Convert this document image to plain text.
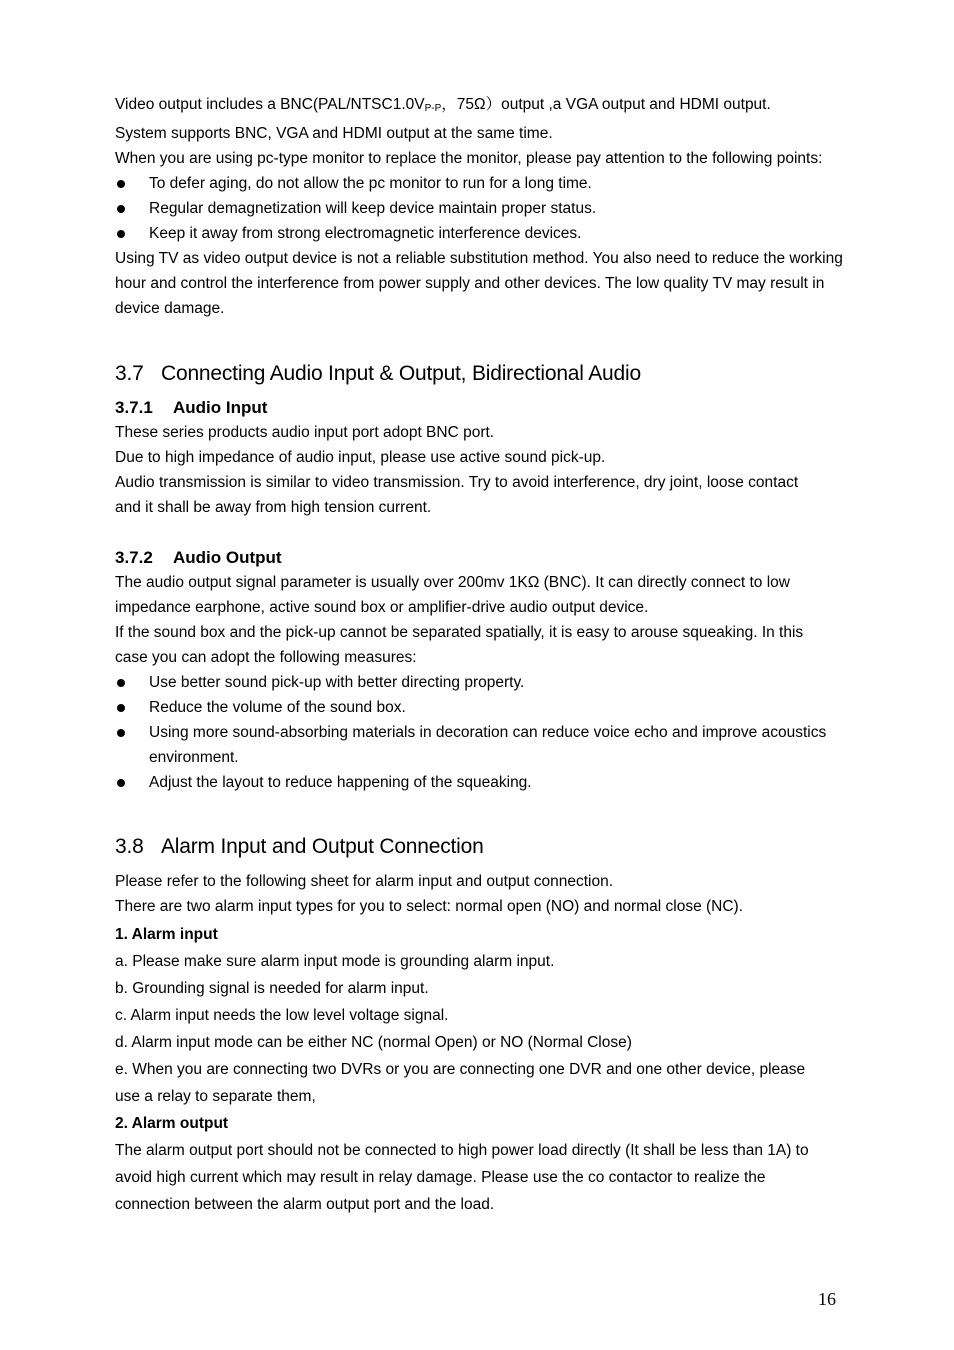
Video output includes a $BNC(PAL/NTSC1.0V_{P-P}$，75Ω）output ,a VGA output and HDMI output.

System supports BNC, VGA and HDMI output at the same time.

When you are using pc-type monitor to replace the monitor, please pay attention to the following points:

To defer aging, do not allow the pc monitor to run for a long time.
Regular demagnetization will keep device maintain proper status.
Keep it away from strong electromagnetic interference devices.

Using TV as video output device is not a reliable substitution method. You also need to reduce the working hour and control the interference from power supply and other devices. The low quality TV may result in device damage.

3.7 Connecting Audio Input & Output, Bidirectional Audio
3.7.1 Audio Input

These series products audio input port adopt BNC port.

Due to high impedance of audio input, please use active sound pick-up.

Audio transmission is similar to video transmission. Try to avoid interference, dry joint, loose contact and it shall be away from high tension current.

3.7.2 Audio Output

The audio output signal parameter is usually over 200mv 1KΩ (BNC). It can directly connect to low impedance earphone, active sound box or amplifier-drive audio output device.

If the sound box and the pick-up cannot be separated spatially, it is easy to arouse squeaking. In this case you can adopt the following measures:

Use better sound pick-up with better directing property.
Reduce the volume of the sound box.
Using more sound-absorbing materials in decoration can reduce voice echo and improve acoustics environment.
Adjust the layout to reduce happening of the squeaking.
3.8 Alarm Input and Output Connection

Please refer to the following sheet for alarm input and output connection.

There are two alarm input types for you to select: normal open (NO) and normal close (NC).

1. Alarm input

a. Please make sure alarm input mode is grounding alarm input.

b. Grounding signal is needed for alarm input.

c. Alarm input needs the low level voltage signal.

d. Alarm input mode can be either NC (normal Open) or NO (Normal Close)

e. When you are connecting two DVRs or you are connecting one DVR and one other device, please use a relay to separate them,

2. Alarm output

The alarm output port should not be connected to high power load directly (It shall be less than 1A) to avoid high current which may result in relay damage. Please use the co contactor to realize the connection between the alarm output port and the load.

16
